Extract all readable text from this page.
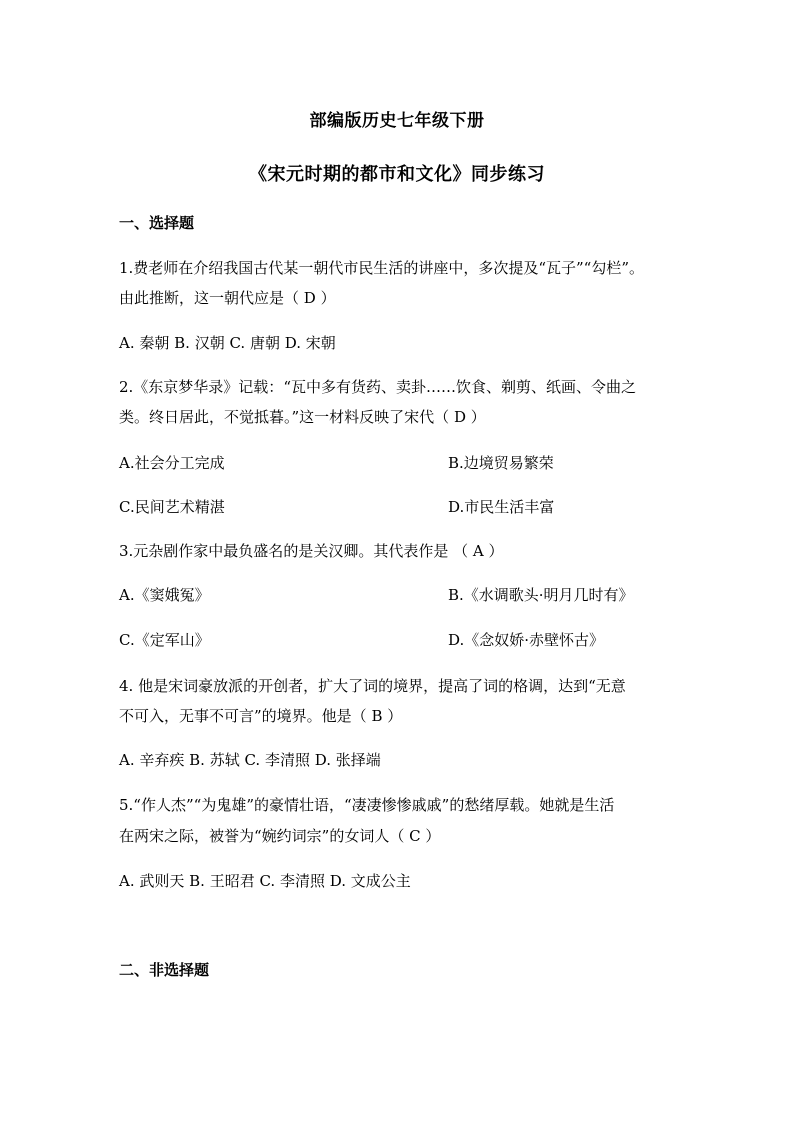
部编版历史七年级下册
《宋元时期的都市和文化》同步练习
一、选择题
1.费老师在介绍我国古代某一朝代市民生活的讲座中，多次提及“瓦子”“勾栏”。
由此推断，这一朝代应是（ D ）
A. 秦朝 B. 汉朝 C. 唐朝 D. 宋朝
2.《东京梦华录》记载：“瓦中多有货药、卖卦……饮食、剃剪、纸画、令曲之
类。终日居此，不觉抵暮。”这一材料反映了宋代（ D ）
A.社会分工完成	B.边境贸易繁荣
C.民间艺术精湛	D.市民生活丰富
3.元杂剧作家中最负盛名的是关汉卿。其代表作是 （ A ）
A.《窦娥冤》	B.《水调歌头·明月几时有》
C.《定军山》	D.《念奴娇·赤壁怀古》
4. 他是宋词豪放派的开创者，扩大了词的境界，提高了词的格调，达到“无意
不可入，无事不可言”的境界。他是（ B ）
A. 辛弃疾 B. 苏轼 C. 李清照 D. 张择端
5.“作人杰”“为鬼雄”的豪情壮语，“凄凄惨惨戚戚”的愁绪厚载。她就是生活
在两宋之际，被誉为“婉约词宗”的女词人（ C ）
A. 武则天 B. 王昭君 C. 李清照 D. 文成公主
二、非选择题
